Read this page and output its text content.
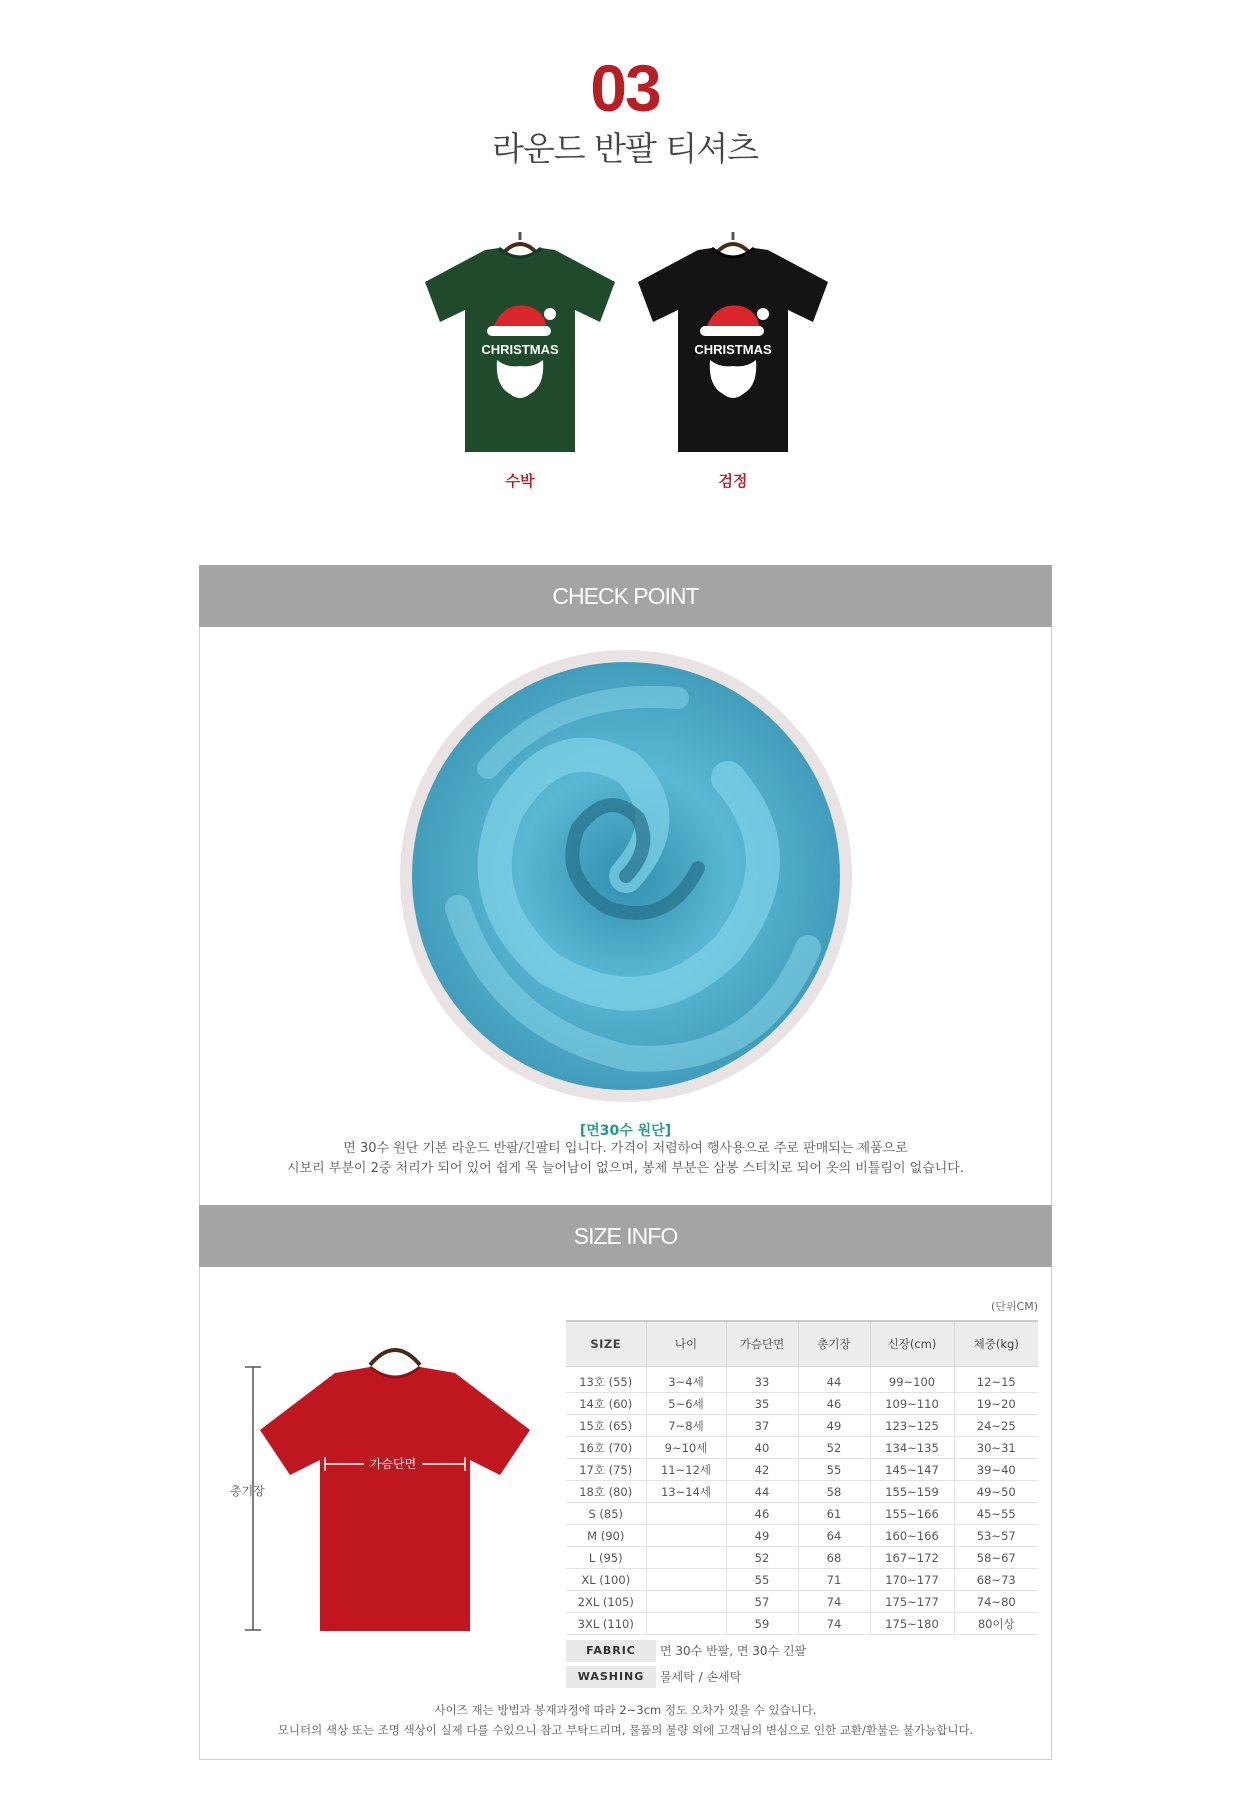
03
라운드 반팔 티셔츠
CHRISTMAS
수박
CHRISTMAS
검정
CHECK POINT
[면30수 원단]
면 30수 원단 기본 라운드 반팔/긴팔티 입니다. 가격이 저렴하여 행사용으로 주로 판매되는 제품으로
시보리 부분이 2중 처리가 되어 있어 쉽게 목 늘어남이 없으며, 봉제 부분은 삼봉 스티치로 되어 옷의 비틀림이 없습니다.
SIZE INFO
총기장
가슴단면
(단위CM)
SIZE	나이	가슴단면	총기장	신장(cm)	체중(kg)
13호 (55)	3~4세	33	44	99~100	12~15
14호 (60)	5~6세	35	46	109~110	19~20
15호 (65)	7~8세	37	49	123~125	24~25
16호 (70)	9~10세	40	52	134~135	30~31
17호 (75)	11~12세	42	55	145~147	39~40
18호 (80)	13~14세	44	58	155~159	49~50
S (85)		46	61	155~166	45~55
M (90)		49	64	160~166	53~57
L (95)		52	68	167~172	58~67
XL (100)		55	71	170~177	68~73
2XL (105)		57	74	175~177	74~80
3XL (110)		59	74	175~180	80이상
FABRIC	면 30수 반팔, 면 30수 긴팔
WASHING	물세탁 / 손세탁
사이즈 재는 방법과 봉재과정에 따라 2~3cm 정도 오차가 있을 수 있습니다.
모니터의 색상 또는 조명 색상이 실제 다를 수있으니 참고 부탁드리며, 물품의 불량 외에 고객님의 변심으로 인한 교환/환불은 불가능합니다.
